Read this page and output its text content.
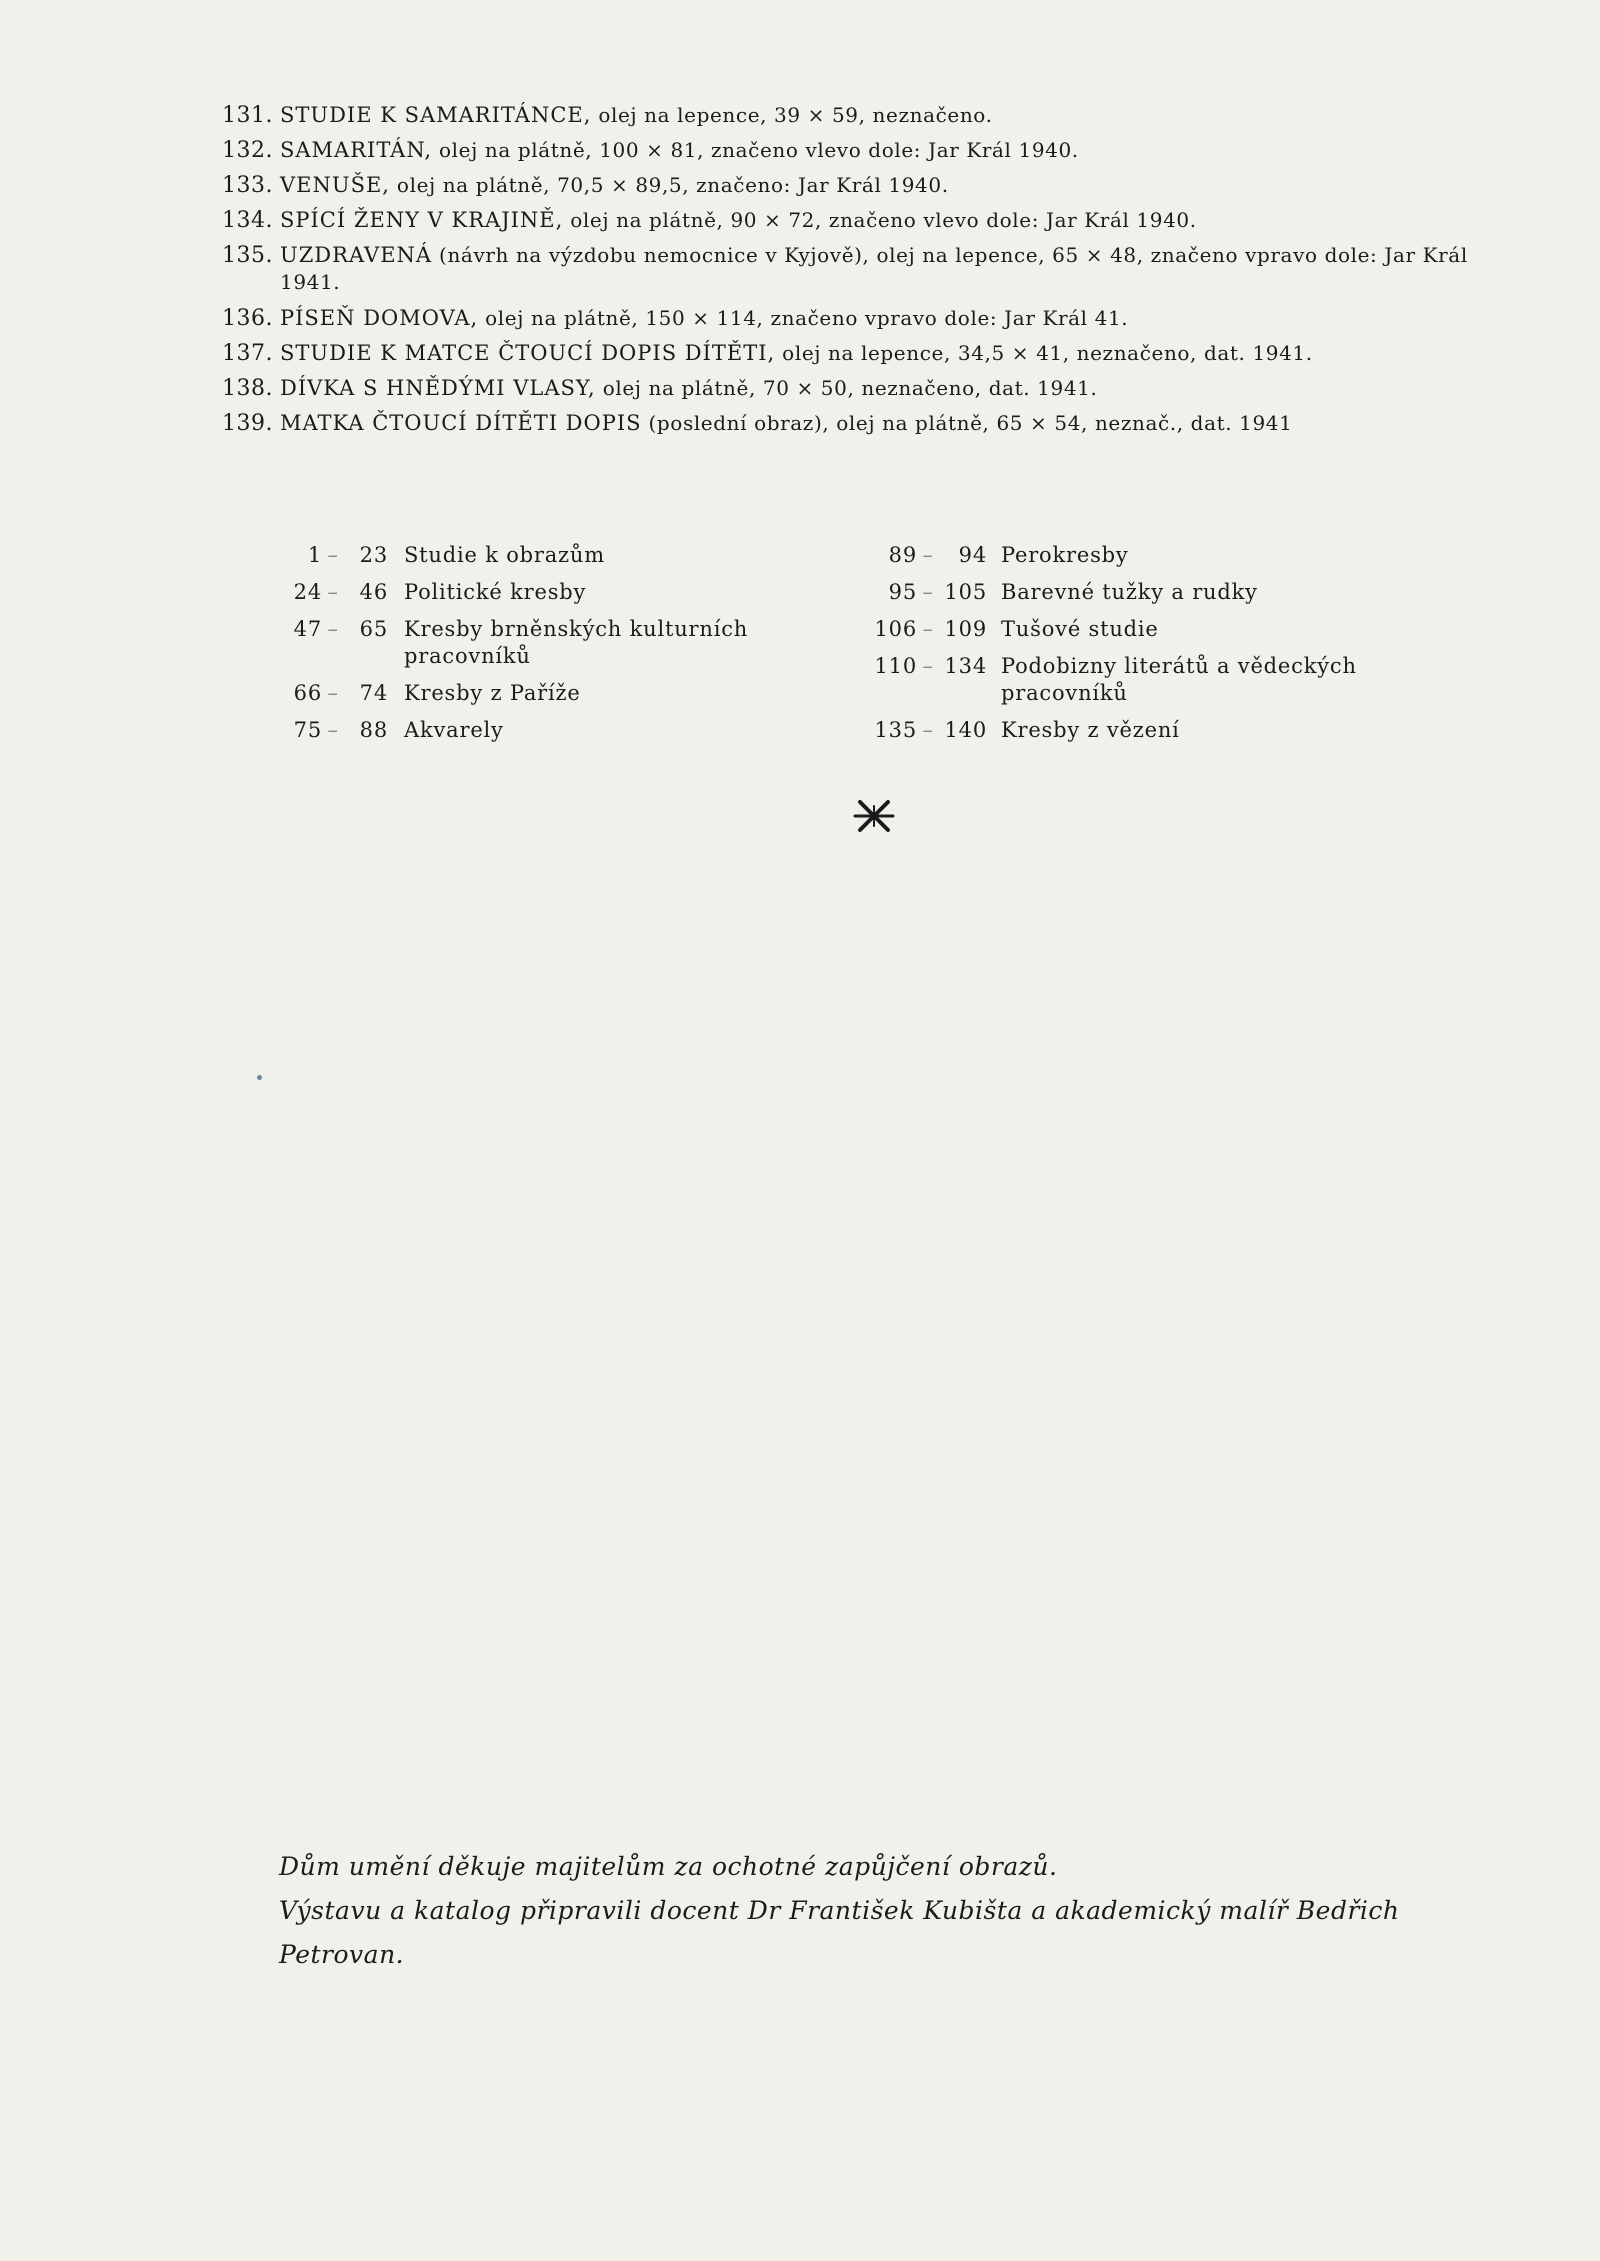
131. STUDIE K SAMARITÁNCE, olej na lepence, 39 × 59, neznačeno.
132. SAMARITÁN, olej na plátně, 100 × 81, značeno vlevo dole: Jar Král 1940.
133. VENUŠE, olej na plátně, 70,5 × 89,5, značeno: Jar Král 1940.
134. SPÍCÍ ŽENY V KRAJINĚ, olej na plátně, 90 × 72, značeno vlevo dole: Jar Král 1940.
135. UZDRAVENÁ (návrh na výzdobu nemocnice v Kyjově), olej na lepence, 65 × 48, značeno vpravo dole: Jar Král 1941.
136. PÍSEŇ DOMOVA, olej na plátně, 150 × 114, značeno vpravo dole: Jar Král 41.
137. STUDIE K MATCE ČTOUCÍ DOPIS DÍTĚTI, olej na lepence, 34,5 × 41, neznačeno, dat. 1941.
138. DÍVKA S HNĚDÝMI VLASY, olej na plátně, 70 × 50, neznačeno, dat. 1941.
139. MATKA ČTOUCÍ DÍTĚTI DOPIS (poslední obraz), olej na plátně, 65 × 54, neznač., dat. 1941
1 –	23 Studie k obrazům
24 –	46 Politické kresby
47 –	65 Kresby brněnských kulturních pracovníků
66 –	74 Kresby z Paříže
75 –	88 Akvarely
89 –	94 Perokresby
95 – 105 Barevné tužky a rudky
106 – 109 Tušové studie
110 – 134 Podobizny literátů a vědeckých pracovníků
135 – 140 Kresby z vězení

Dům umění děkuje majitelům za ochotné zapůjčení obrazů.

Výstavu a katalog připravili docent Dr František Kubišta a akademický malíř Bedřich Petrovan.
